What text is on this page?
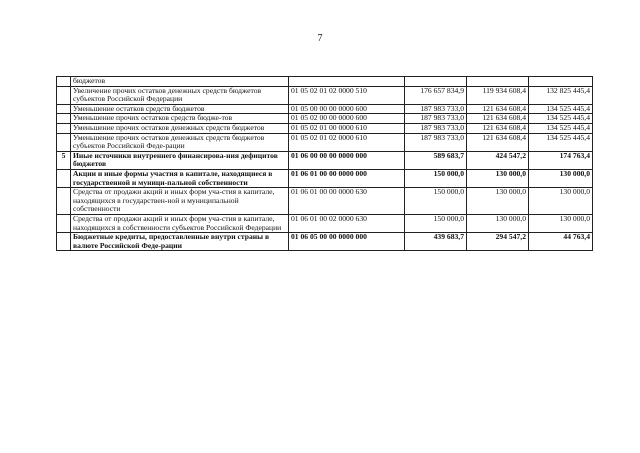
7
	бюджетов				
	Увеличение прочих остатков денежных средств бюджетов субъектов Российской Федерации	01 05 02 01 02 0000 510	176 657 834,9	119 934 608,4	132 825 445,4
	Уменьшение остатков средств бюджетов	01 05 00 00 00 0000 600	187 983 733,0	121 634 608,4	134 525 445,4
	Уменьшение прочих остатков средств бюдже-тов	01 05 02 00 00 0000 600	187 983 733,0	121 634 608,4	134 525 445,4
	Уменьшение прочих остатков денежных средств бюджетов	01 05 02 01 00 0000 610	187 983 733,0	121 634 608,4	134 525 445,4
	Уменьшение прочих остатков денежных средств бюджетов субъектов Российской Феде-рации	01 05 02 01 02 0000 610	187 983 733,0	121 634 608,4	134 525 445,4
5	Иные источники внутреннего финансирова-ния дефицитов бюджетов	01 06 00 00 00 0000 000	589 683,7	424 547,2	174 763,4
	Акции и иные формы участия в капитале, находящиеся в государственной и муници-пальной собственности	01 06 01 00 00 0000 000	150 000,0	130 000,0	130 000,0
	Средства от продажи акций и иных форм уча-стия в капитале, находящихся в государствен-ной и муниципальной собственности	01 06 01 00 00 0000 630	150 000,0	130 000,0	130 000,0
	Средства от продажи акций и иных форм уча-стия в капитале, находящихся в собственности субъектов Российской Федерации	01 06 01 00 02 0000 630	150 000,0	130 000,0	130 000,0
	Бюджетные кредиты, предоставленные внутри страны в валюте Российской Феде-рации	01 06 05 00 00 0000 000	439 683,7	294 547,2	44 763,4
